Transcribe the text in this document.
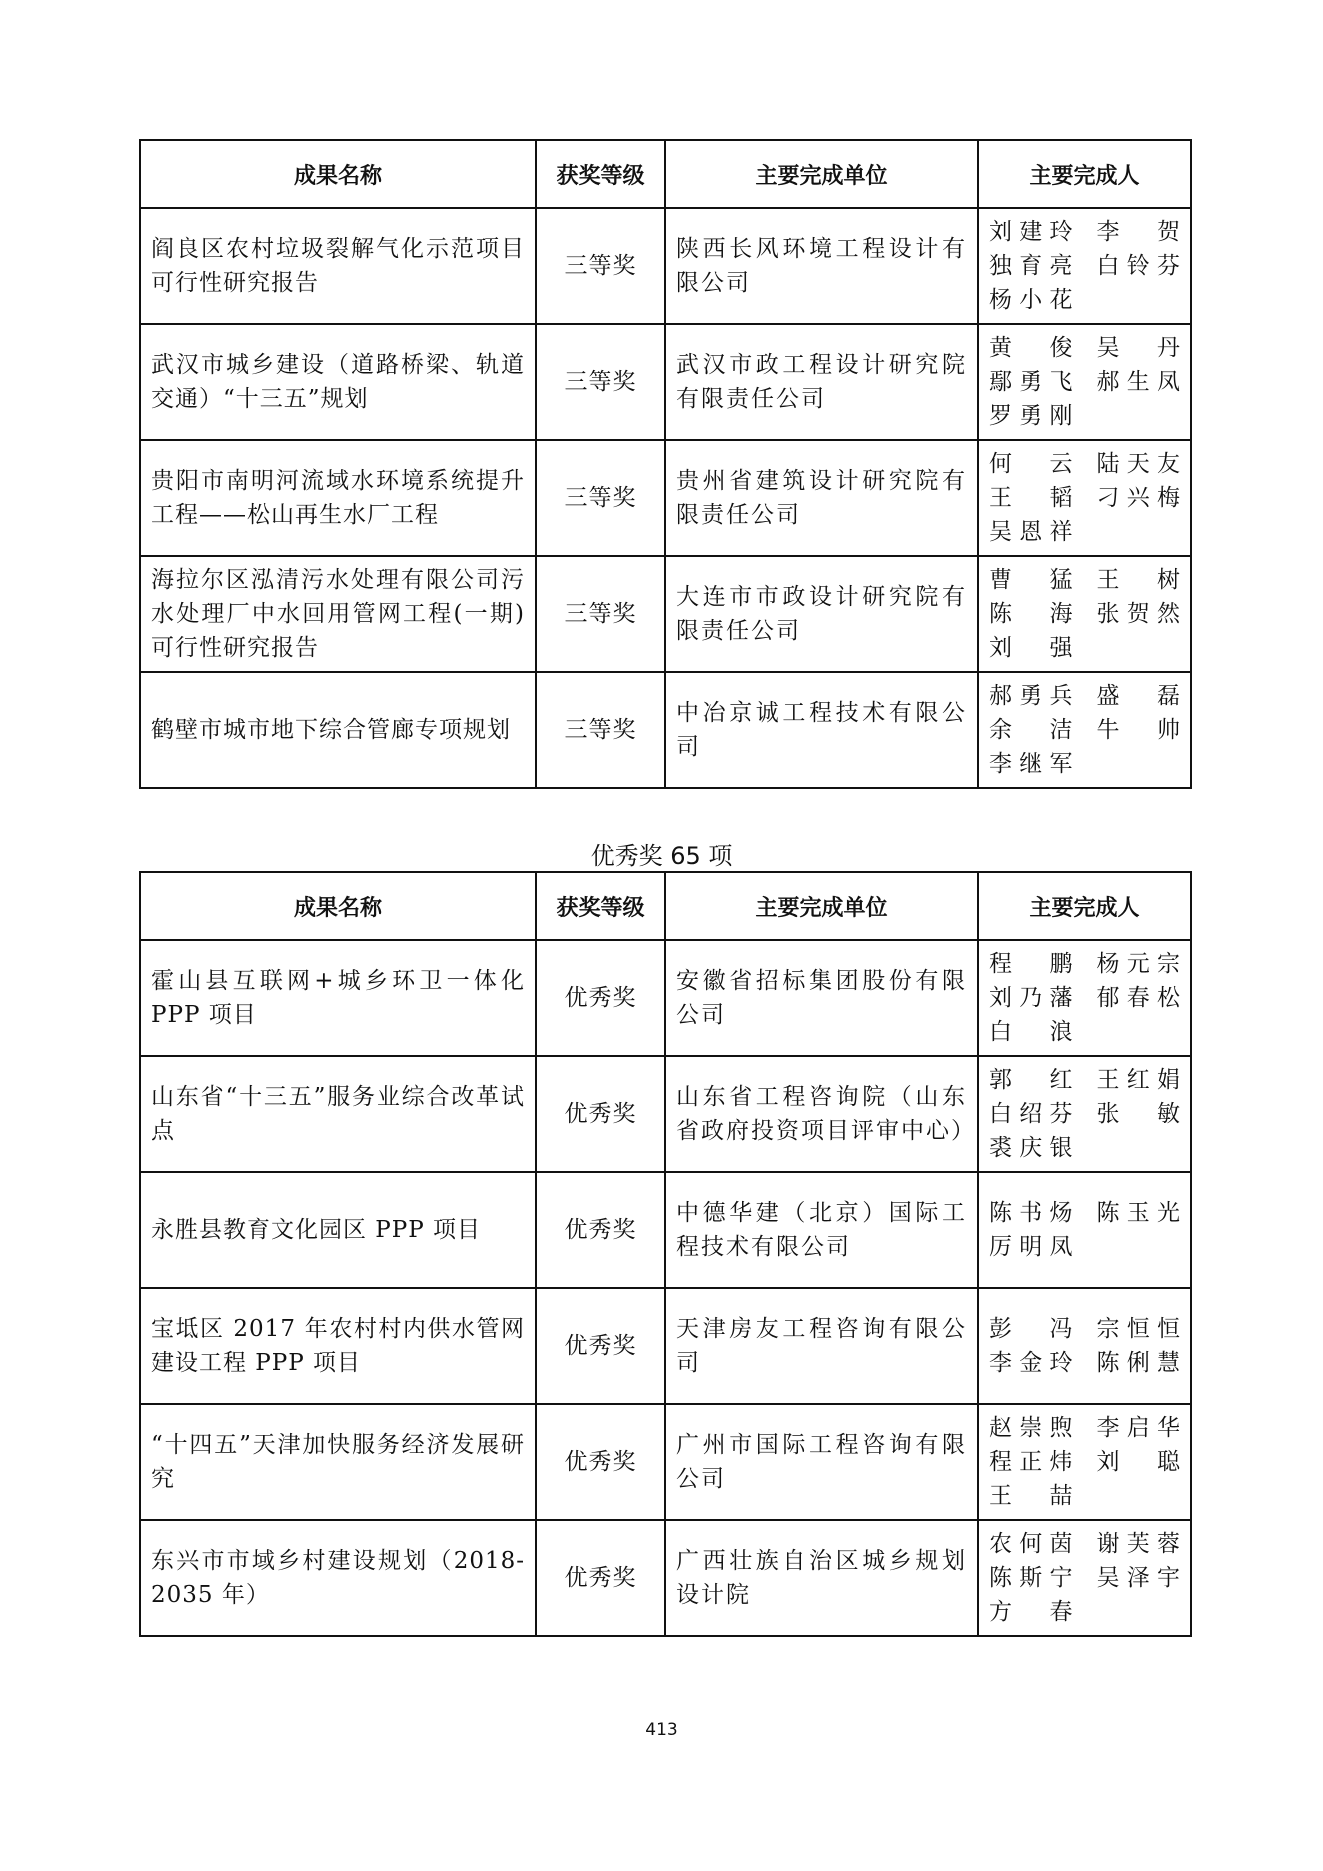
成果名称	获奖等级	主要完成单位	主要完成人
阎良区农村垃圾裂解气化示范项目可行性研究报告	三等奖	陕西长风环境工程设计有限公司	刘建玲 李 贺
独育亮 白铃芬
杨小花

武汉市城乡建设（道路桥梁、轨道交通）“十三五”规划	三等奖	武汉市政工程设计研究院有限责任公司	黄 俊 吴 丹
鄢勇飞 郝生凤
罗勇刚

贵阳市南明河流域水环境系统提升工程——松山再生水厂工程	三等奖	贵州省建筑设计研究院有限责任公司	何 云 陆天友
王 韬 刁兴梅
吴恩祥

海拉尔区泓清污水处理有限公司污水处理厂中水回用管网工程(一期)可行性研究报告	三等奖	大连市市政设计研究院有限责任公司	曹 猛 王 树
陈 海 张贺然
刘 强

鹤壁市城市地下综合管廊专项规划	三等奖	中冶京诚工程技术有限公司	郝勇兵 盛 磊
余 洁 牛 帅
李继军
优秀奖 65 项
成果名称	获奖等级	主要完成单位	主要完成人
霍山县互联网+城乡环卫一体化PPP 项目	优秀奖	安徽省招标集团股份有限公司	程 鹏 杨元宗
刘乃藩 郁春松
白 浪

山东省“十三五”服务业综合改革试点	优秀奖	山东省工程咨询院（山东省政府投资项目评审中心）	郭 红 王红娟
白绍芬 张 敏
裘庆银

永胜县教育文化园区 PPP 项目	优秀奖	中德华建（北京）国际工程技术有限公司	陈书炀 陈玉光
厉明凤

宝坻区 2017 年农村村内供水管网建设工程 PPP 项目	优秀奖	天津房友工程咨询有限公司	彭 冯 宗恒恒
李金玲 陈俐慧

“十四五”天津加快服务经济发展研究	优秀奖	广州市国际工程咨询有限公司	赵崇煦 李启华
程正炜 刘 聪
王 喆

东兴市市域乡村建设规划（2018-2035 年）	优秀奖	广西壮族自治区城乡规划设计院	农何茵 谢芙蓉
陈斯宁 吴泽宇
方 春
413
